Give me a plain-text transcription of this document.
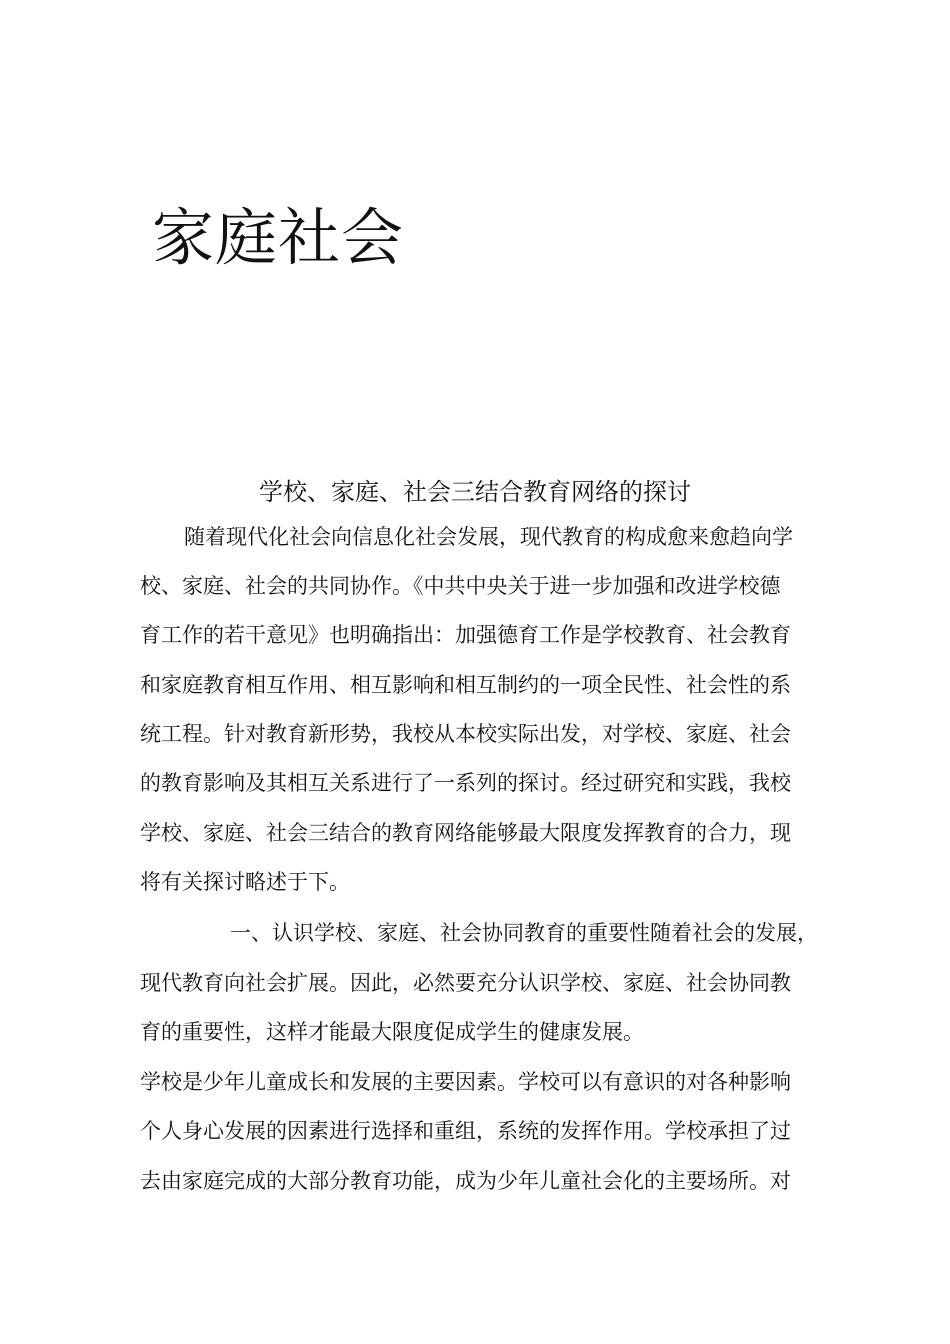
家庭社会
学校、家庭、社会三结合教育网络的探讨
随着现代化社会向信息化社会发展，现代教育的构成愈来愈趋向学
校、家庭、社会的共同协作。《中共中央关于进一步加强和改进学校德
育工作的若干意见》也明确指出：加强德育工作是学校教育、社会教育
和家庭教育相互作用、相互影响和相互制约的一项全民性、社会性的系
统工程。针对教育新形势，我校从本校实际出发，对学校、家庭、社会
的教育影响及其相互关系进行了一系列的探讨。经过研究和实践，我校
学校、家庭、社会三结合的教育网络能够最大限度发挥教育的合力，现
将有关探讨略述于下。
一、认识学校、家庭、社会协同教育的重要性随着社会的发展，
现代教育向社会扩展。因此，必然要充分认识学校、家庭、社会协同教
育的重要性，这样才能最大限度促成学生的健康发展。
学校是少年儿童成长和发展的主要因素。学校可以有意识的对各种影响
个人身心发展的因素进行选择和重组，系统的发挥作用。学校承担了过
去由家庭完成的大部分教育功能，成为少年儿童社会化的主要场所。对
